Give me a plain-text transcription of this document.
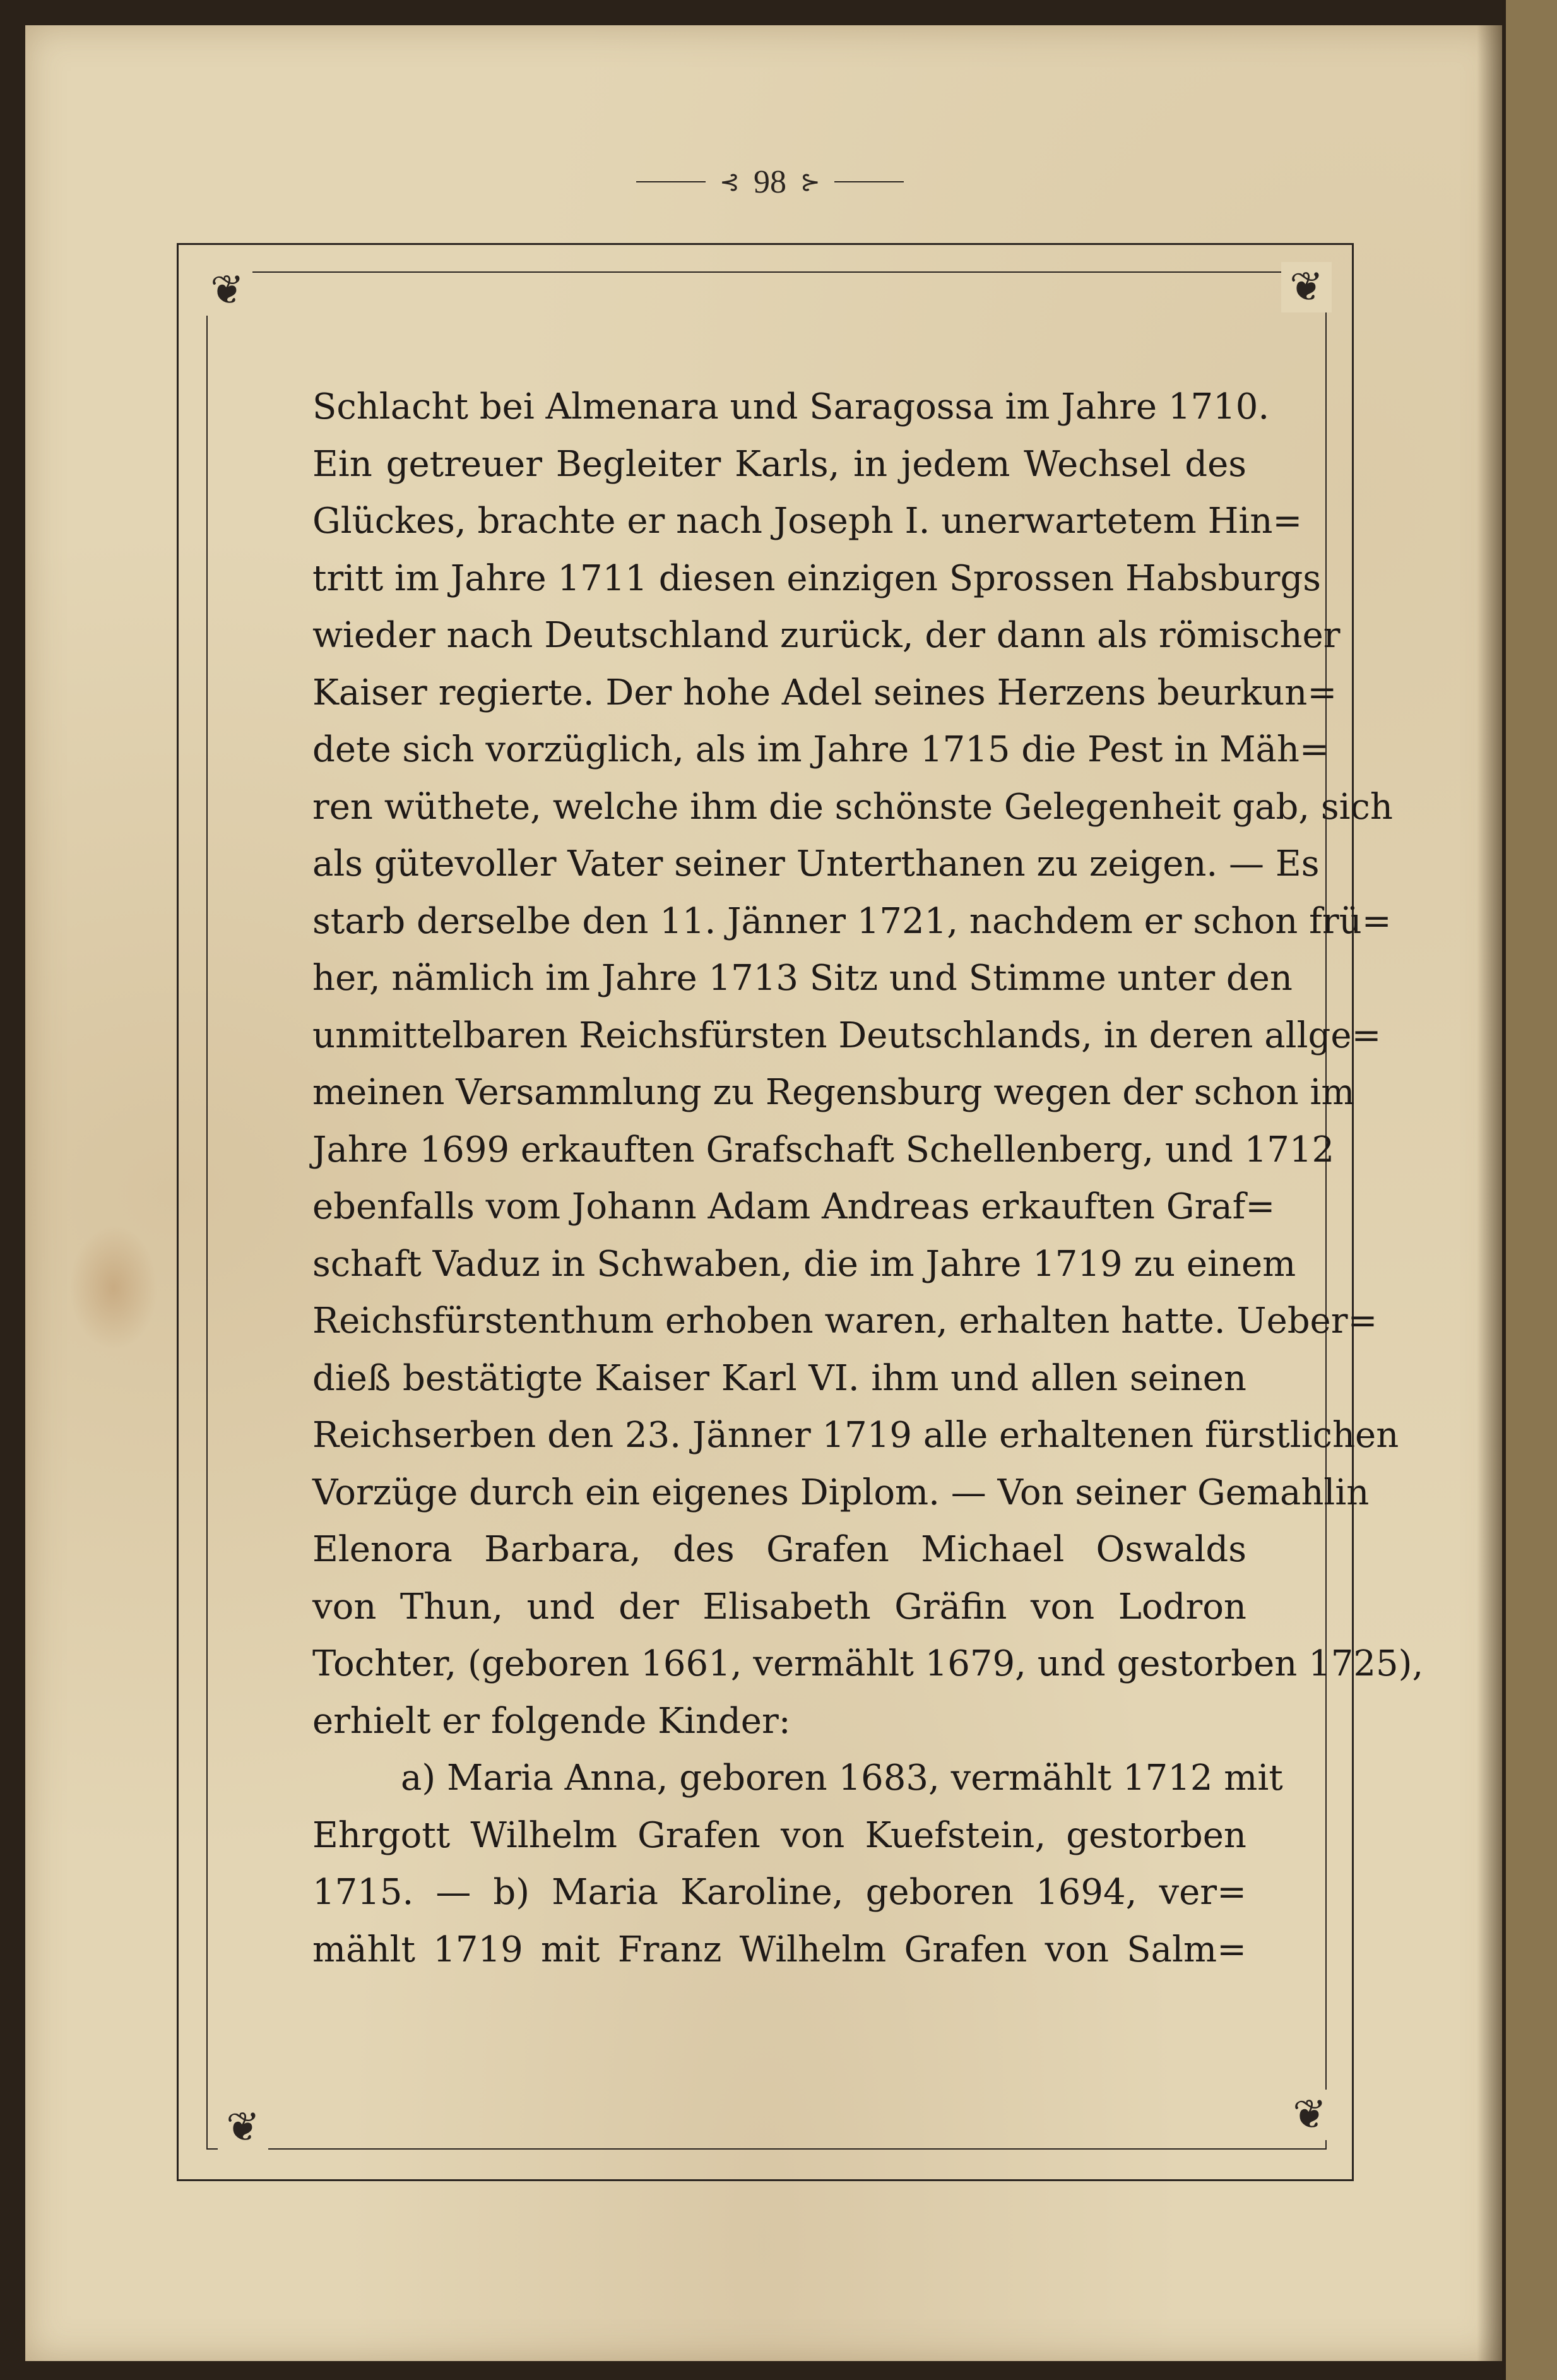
⊰ 98 ⊱
❦	❦
❦	❦
Schlacht bei Almenara und Saragossa im Jahre 1710.
Ein getreuer Begleiter Karls, in jedem Wechsel des
Glückes, brachte er nach Joseph I. unerwartetem Hin=
tritt im Jahre 1711 diesen einzigen Sprossen Habsburgs
wieder nach Deutschland zurück, der dann als römischer
Kaiser regierte. Der hohe Adel seines Herzens beurkun=
dete sich vorzüglich, als im Jahre 1715 die Pest in Mäh=
ren wüthete, welche ihm die schönste Gelegenheit gab, sich
als gütevoller Vater seiner Unterthanen zu zeigen. — Es
starb derselbe den 11. Jänner 1721, nachdem er schon frü=
her, nämlich im Jahre 1713 Sitz und Stimme unter den
unmittelbaren Reichsfürsten Deutschlands, in deren allge=
meinen Versammlung zu Regensburg wegen der schon im
Jahre 1699 erkauften Grafschaft Schellenberg, und 1712
ebenfalls vom Johann Adam Andreas erkauften Graf=
schaft Vaduz in Schwaben, die im Jahre 1719 zu einem
Reichsfürstenthum erhoben waren, erhalten hatte. Ueber=
dieß bestätigte Kaiser Karl VI. ihm und allen seinen
Reichserben den 23. Jänner 1719 alle erhaltenen fürstlichen
Vorzüge durch ein eigenes Diplom. — Von seiner Gemahlin
Elenora Barbara, des Grafen Michael Oswalds
von Thun, und der Elisabeth Gräfin von Lodron
Tochter, (geboren 1661, vermählt 1679, und gestorben 1725),
erhielt er folgende Kinder:
a) Maria Anna, geboren 1683, vermählt 1712 mit
Ehrgott Wilhelm Grafen von Kuefstein, gestorben
1715. — b) Maria Karoline, geboren 1694, ver=
mählt 1719 mit Franz Wilhelm Grafen von Salm=
